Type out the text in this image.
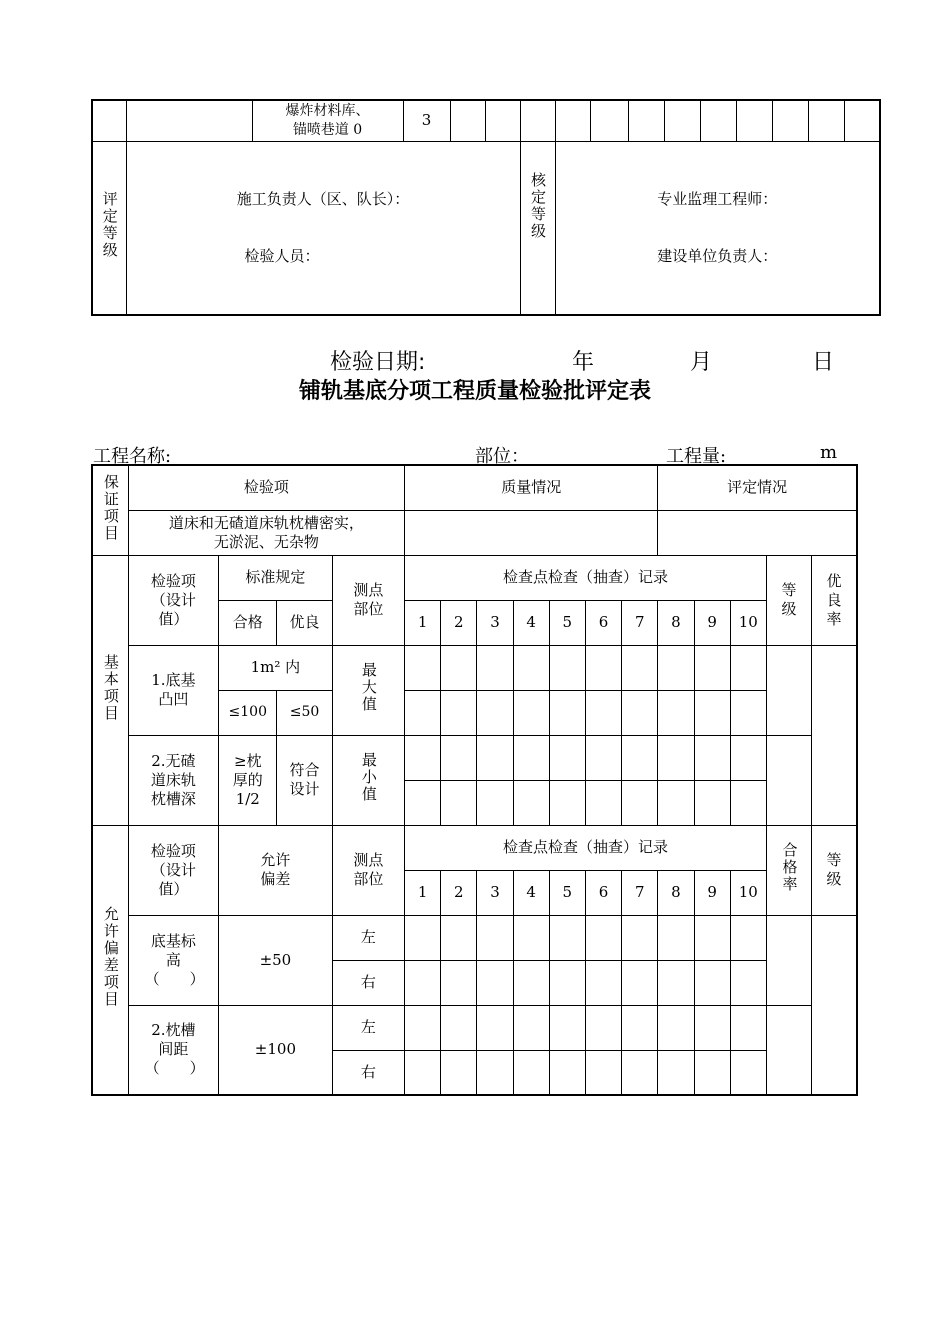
		爆炸材料库、
锚喷巷道 0	3												
评定等级	施工负责人（区、队长）：
检验人员：					核定等级	专业监理工程师：
建设单位负责人：								
检验日期:	年	月	日
铺轨基底分项工程质量检验批评定表
工程名称:	部位：	工程量:	m
保证项目	检验项				质量情况							评定情况				
	道床和无碴道床轨枕槽密实，无淤泥、无杂物															
基本项目	检验项（设计值）	标准规定		测点部位	检查点检查（抽查）记录										等级	优良率
		合格	优良		1	2	3	4	5	6	7	8	9	10		
	1.底基凸凹	1m² 内		最大值												
		≤100	≤50													
	2.无碴道床轨枕槽深	≥枕厚的1/2	符合设计	最小值												

允许偏差项目	检验项（设计值）	允许偏差		测点部位	检查点检查（抽查）记录										合格率	等级
					1	2	3	4	5	6	7	8	9	10		
	底基标高（　　）	±50		左												
				右												
	2.枕槽间距（　　）	±100		左												
				右												
